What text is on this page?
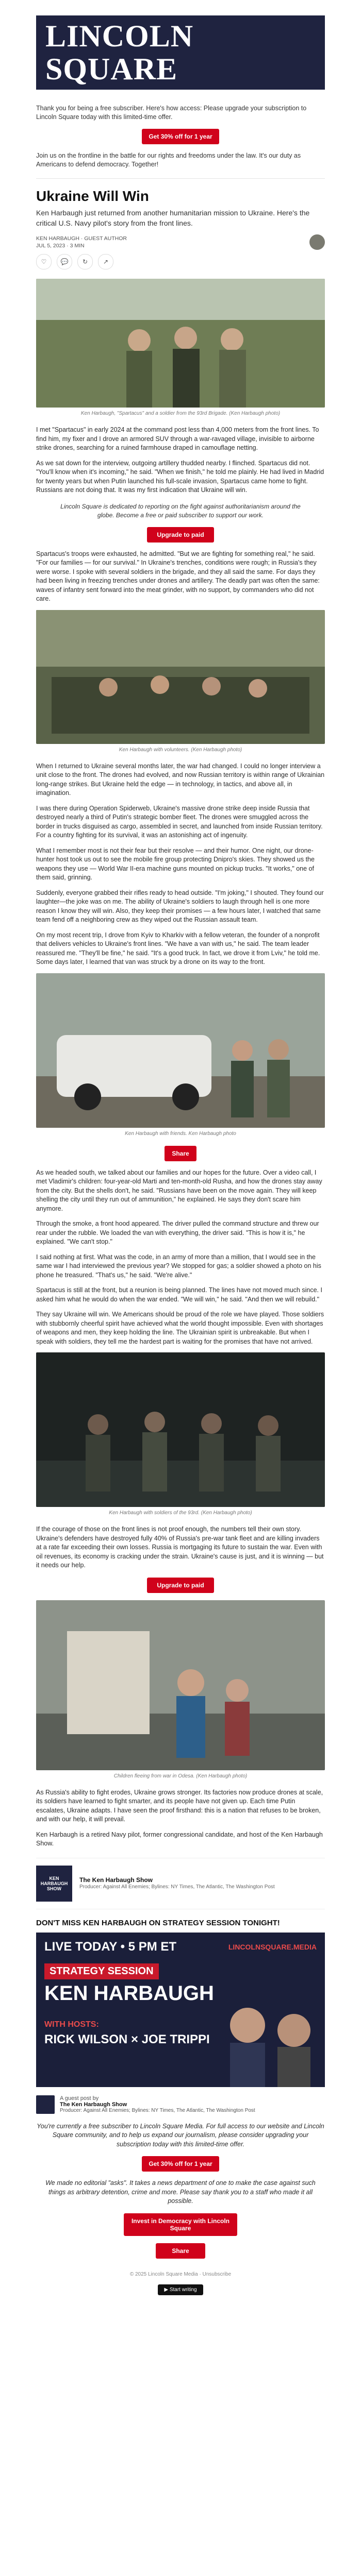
LINCOLN SQUARE
Thank you for being a free subscriber. Here's how access: Please upgrade your subscription to Lincoln Square today with this limited-time offer.
Get 30% off for 1 year
Join us on the frontline in the battle for our rights and freedoms under the law. It's our duty as Americans to defend democracy. Together!
Ukraine Will Win
Ken Harbaugh just returned from another humanitarian mission to Ukraine. Here's the critical U.S. Navy pilot's story from the front lines.
KEN HARBAUGH · GUEST AUTHOR
JUL 5, 2023 · 3 MIN
♡	💬	↻	↗
Ken Harbaugh, "Spartacus" and a soldier from the 93rd Brigade. (Ken Harbaugh photo)

I met "Spartacus" in early 2024 at the command post less than 4,000 meters from the front lines. To find him, my fixer and I drove an armored SUV through a war-ravaged village, invisible to airborne strike drones, searching for a ruined farmhouse draped in camouflage netting.

As we sat down for the interview, outgoing artillery thudded nearby. I flinched. Spartacus did not. "You'll know when it's incoming," he said. "When we finish," he told me plainly. He had lived in Madrid for twenty years but when Putin launched his full-scale invasion, Spartacus came home to fight. Russians are not doing that. It was my first indication that Ukraine will win.

Lincoln Square is dedicated to reporting on the fight against authoritarianism around the globe. Become a free or paid subscriber to support our work.
Upgrade to paid

Spartacus's troops were exhausted, he admitted. "But we are fighting for something real," he said. "For our families — for our survival." In Ukraine's trenches, conditions were rough; in Russia's they were worse. I spoke with several soldiers in the brigade, and they all said the same. For days they had been living in freezing trenches under drones and artillery. The deadly part was often the same: waves of infantry sent forward into the meat grinder, with no support, by commanders who did not care.

Ken Harbaugh with volunteers. (Ken Harbaugh photo)

When I returned to Ukraine several months later, the war had changed. I could no longer interview a unit close to the front. The drones had evolved, and now Russian territory is within range of Ukrainian long-range strikes. But Ukraine held the edge — in technology, in tactics, and above all, in imagination.

I was there during Operation Spiderweb, Ukraine's massive drone strike deep inside Russia that destroyed nearly a third of Putin's strategic bomber fleet. The drones were smuggled across the border in trucks disguised as cargo, assembled in secret, and launched from inside Russian territory. For a country fighting for its survival, it was an astonishing act of ingenuity.

What I remember most is not their fear but their resolve — and their humor. One night, our drone-hunter host took us out to see the mobile fire group protecting Dnipro's skies. They showed us the weapons they use — World War II-era machine guns mounted on pickup trucks. "It works," one of them said, grinning.

Suddenly, everyone grabbed their rifles ready to head outside. "I'm joking," I shouted. They found our laughter—the joke was on me. The ability of Ukraine's soldiers to laugh through hell is one more reason I know they will win. Also, they keep their promises — a few hours later, I watched that same team fend off a neighboring crew as they wiped out the Russian assault team.

On my most recent trip, I drove from Kyiv to Kharkiv with a fellow veteran, the founder of a nonprofit that delivers vehicles to Ukraine's front lines. "We have a van with us," he said. The team leader reassured me. "They'll be fine," he said. "It's a good truck. In fact, we drove it from Lviv," he told me. Some days later, I learned that van was struck by a drone on its way to the front.

Ken Harbaugh with friends. Ken Harbaugh photo
Share

As we headed south, we talked about our families and our hopes for the future. Over a video call, I met Vladimir's children: four-year-old Marti and ten-month-old Rusha, and how the drones stay away from the city. But the shells don't, he said. "Russians have been on the move again. They will keep shelling the city until they run out of ammunition," he explained. He says they don't scare him anymore.

Through the smoke, a front hood appeared. The driver pulled the command structure and threw our rear under the rubble. We loaded the van with everything, the driver said. "This is how it is," he explained. "We can't stop."

I said nothing at first. What was the code, in an army of more than a million, that I would see in the same war I had interviewed the previous year? We stopped for gas; a soldier showed a photo on his phone he treasured. "That's us," he said. "We're alive."

Spartacus is still at the front, but a reunion is being planned. The lines have not moved much since. I asked him what he would do when the war ended. "We will win," he said. "And then we will rebuild."

They say Ukraine will win. We Americans should be proud of the role we have played. Those soldiers with stubbornly cheerful spirit have achieved what the world thought impossible. Even with shortages of weapons and men, they keep holding the line. The Ukrainian spirit is unbreakable. But when I speak with soldiers, they tell me the hardest part is waiting for the promises that have not arrived.

Ken Harbaugh with soldiers of the 93rd. (Ken Harbaugh photo)

If the courage of those on the front lines is not proof enough, the numbers tell their own story. Ukraine's defenders have destroyed fully 40% of Russia's pre-war tank fleet and are killing invaders at a rate far exceeding their own losses. Russia is mortgaging its future to sustain the war. Even with oil revenues, its economy is cracking under the strain. Ukraine's cause is just, and it is winning — but it needs our help.

Upgrade to paid
Children fleeing from war in Odesa. (Ken Harbaugh photo)

As Russia's ability to fight erodes, Ukraine grows stronger. Its factories now produce drones at scale, its soldiers have learned to fight smarter, and its people have not given up. Each time Putin escalates, Ukraine adapts. I have seen the proof firsthand: this is a nation that refuses to be broken, and with our help, it will prevail.

Ken Harbaugh is a retired Navy pilot, former congressional candidate, and host of the Ken Harbaugh Show.

KEN HARBAUGH SHOW
The Ken Harbaugh Show
Producer: Against All Enemies; Bylines: NY Times, The Atlantic, The Washington Post
DON'T MISS KEN HARBAUGH ON STRATEGY SESSION TONIGHT!
LIVE TODAY • 5 PM ET	LINCOLNSQUARE.MEDIA
STRATEGY SESSION
KEN HARBAUGH
WITH HOSTS:
RICK WILSON × JOE TRIPPI
A guest post by
The Ken Harbaugh Show
Producer: Against All Enemies; Bylines: NY Times, The Atlantic, The Washington Post

You're currently a free subscriber to Lincoln Square Media. For full access to our website and Lincoln Square community, and to help us expand our journalism, please consider upgrading your subscription today with this limited-time offer.

Get 30% off for 1 year

We made no editorial "asks". It takes a news department of one to make the case against such things as arbitrary detention, crime and more. Please say thank you to a staff who made it all possible.

Invest in Democracy with Lincoln Square
Share
© 2025 Lincoln Square Media · Unsubscribe
▶ Start writing
